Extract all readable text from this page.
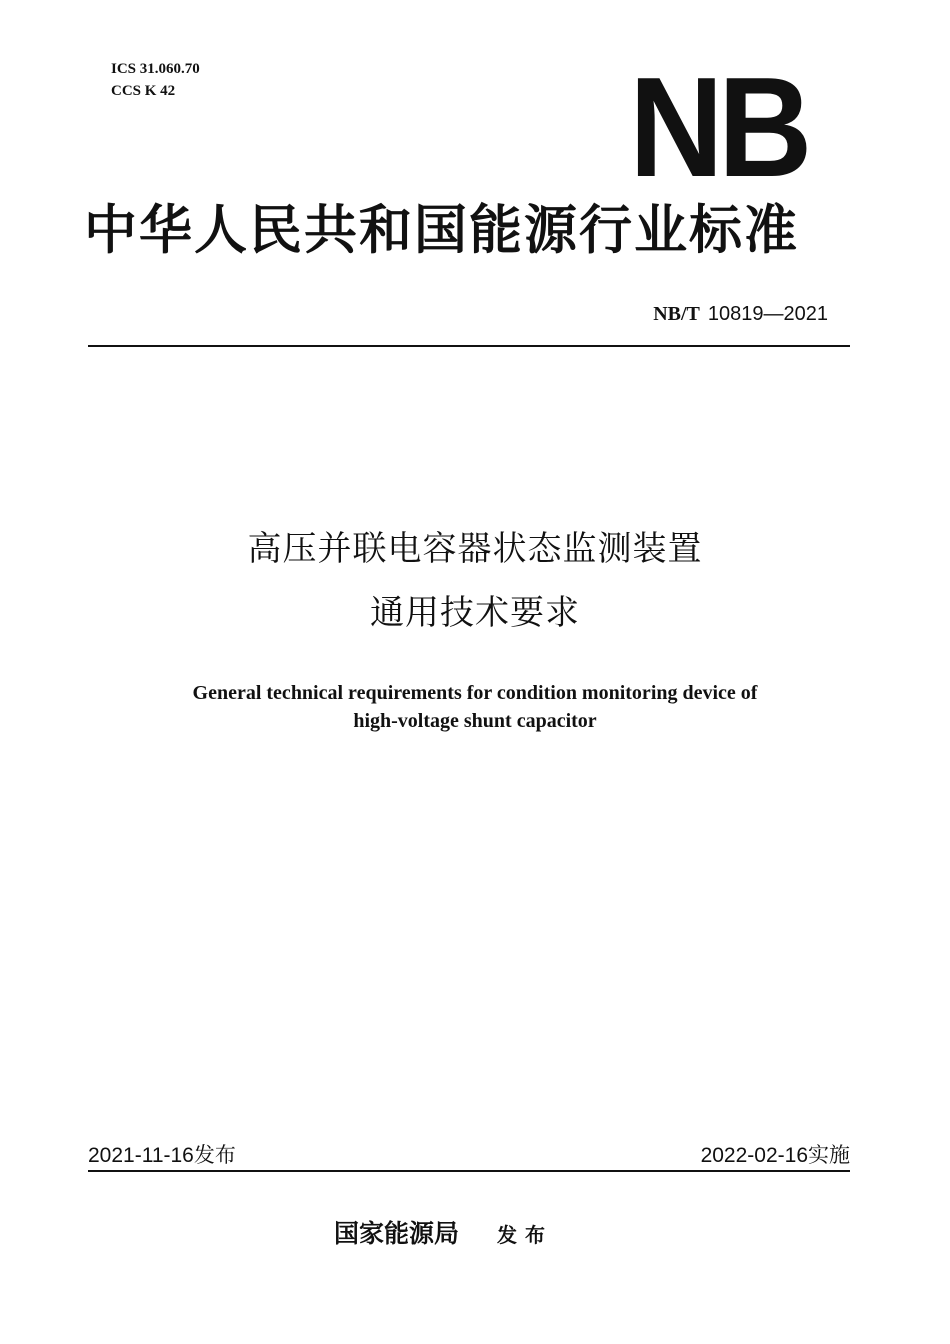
ICS 31.060.70
CCS K 42	NB
中华人民共和国能源行业标准
NB/T 10819—2021
高压并联电容器状态监测装置
通用技术要求
General technical requirements for condition monitoring device of
high-voltage shunt capacitor
2021-11-16发布	2022-02-16实施
国家能源局 发布
